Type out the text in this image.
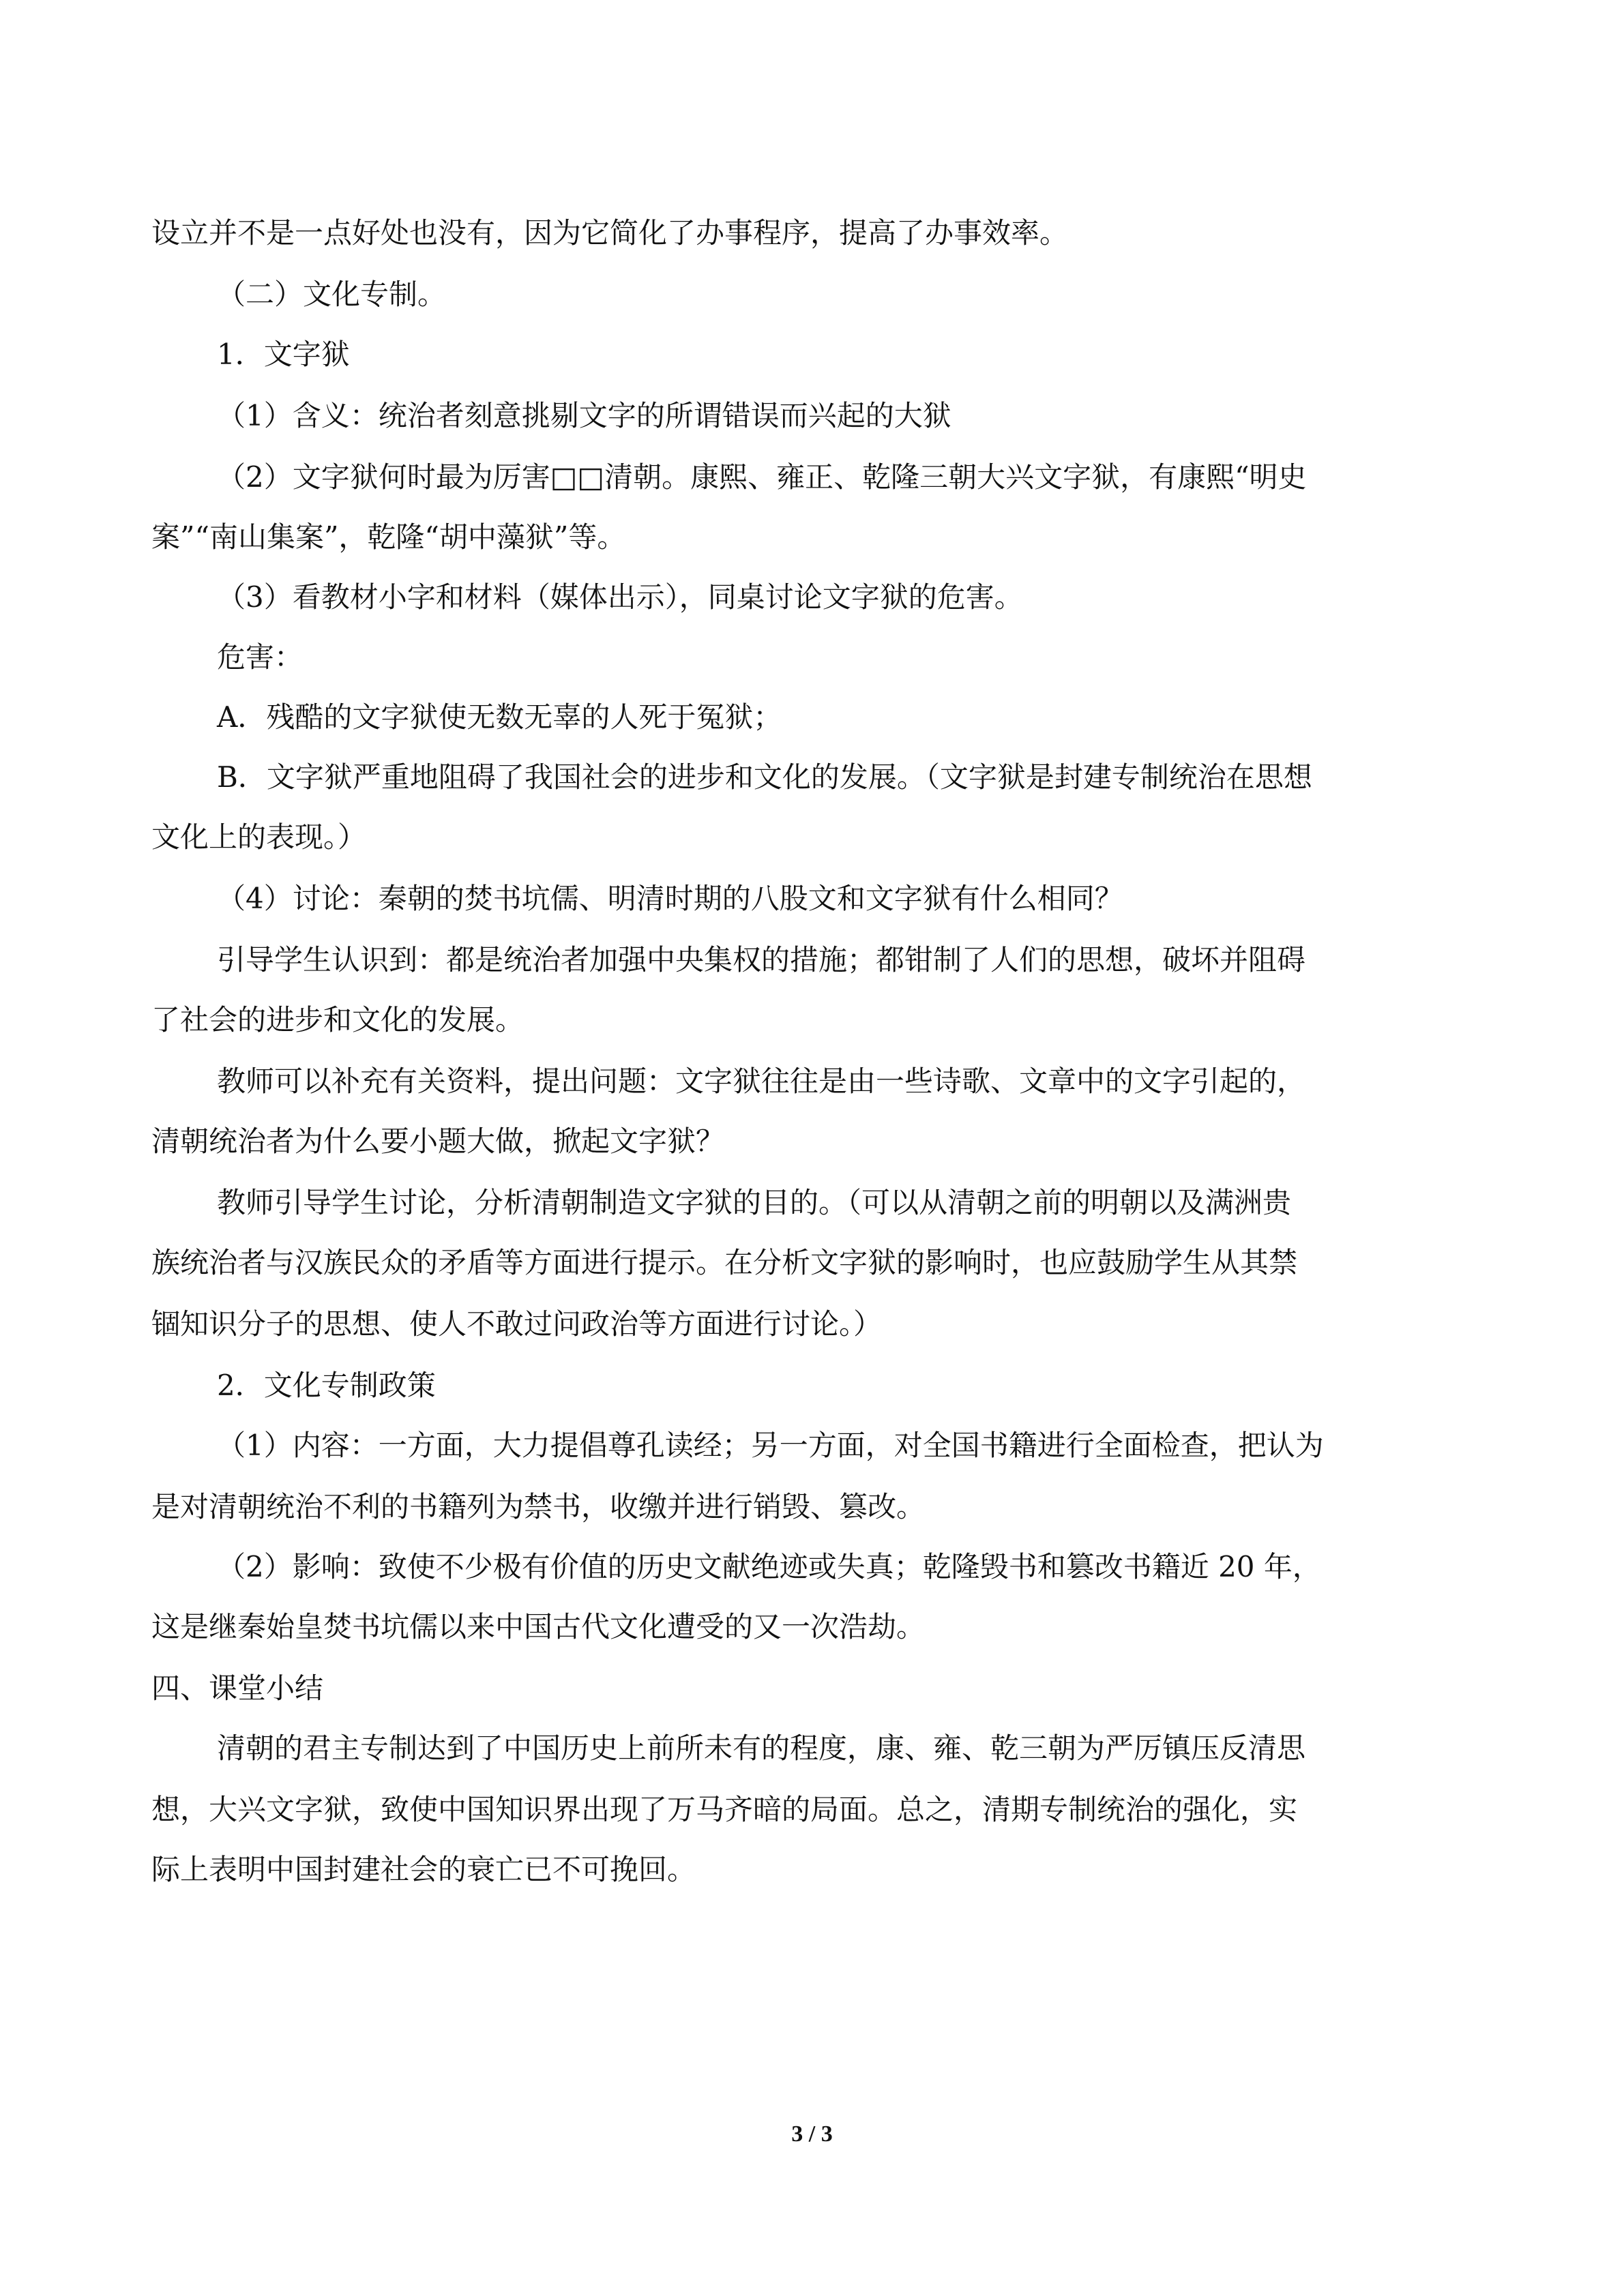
设立并不是一点好处也没有，因为它简化了办事程序，提高了办事效率。
（二）文化专制。
1．文字狱
（1）含义：统治者刻意挑剔文字的所谓错误而兴起的大狱
（2）文字狱何时最为厉害□□清朝。康熙、雍正、乾隆三朝大兴文字狱，有康熙“明史
案”“南山集案”，乾隆“胡中藻狱”等。
（3）看教材小字和材料（媒体出示），同桌讨论文字狱的危害。
危害：
A．残酷的文字狱使无数无辜的人死于冤狱；
B．文字狱严重地阻碍了我国社会的进步和文化的发展。（文字狱是封建专制统治在思想
文化上的表现。）
（4）讨论：秦朝的焚书坑儒、明清时期的八股文和文字狱有什么相同？
引导学生认识到：都是统治者加强中央集权的措施；都钳制了人们的思想，破坏并阻碍
了社会的进步和文化的发展。
教师可以补充有关资料，提出问题：文字狱往往是由一些诗歌、文章中的文字引起的，
清朝统治者为什么要小题大做，掀起文字狱？
教师引导学生讨论，分析清朝制造文字狱的目的。（可以从清朝之前的明朝以及满洲贵
族统治者与汉族民众的矛盾等方面进行提示。在分析文字狱的影响时，也应鼓励学生从其禁
锢知识分子的思想、使人不敢过问政治等方面进行讨论。）
2．文化专制政策
（1）内容：一方面，大力提倡尊孔读经；另一方面，对全国书籍进行全面检查，把认为
是对清朝统治不利的书籍列为禁书，收缴并进行销毁、篡改。
（2）影响：致使不少极有价值的历史文献绝迹或失真；乾隆毁书和篡改书籍近 20 年，
这是继秦始皇焚书坑儒以来中国古代文化遭受的又一次浩劫。
四、课堂小结
清朝的君主专制达到了中国历史上前所未有的程度，康、雍、乾三朝为严厉镇压反清思
想，大兴文字狱，致使中国知识界出现了万马齐暗的局面。总之，清期专制统治的强化，实
际上表明中国封建社会的衰亡已不可挽回。
3 / 3
